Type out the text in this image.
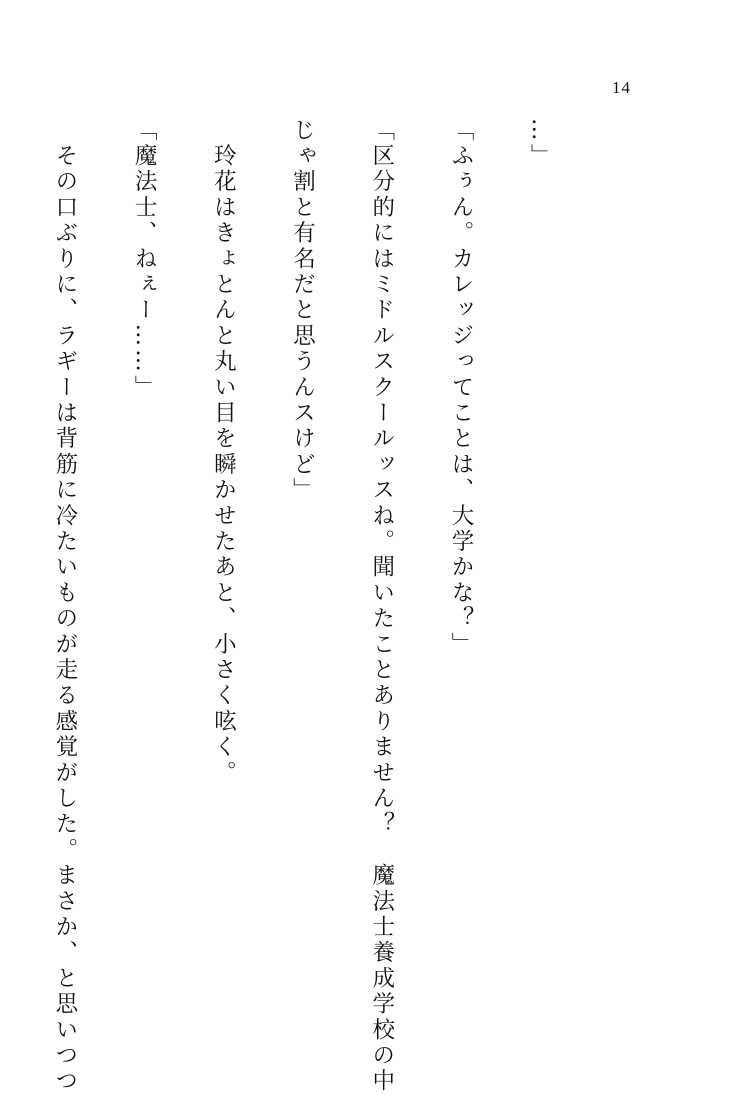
14

…」

「ふぅん。カレッジってことは、大学かな？」

「区分的にはミドルスクールッスね。聞いたことありません？　魔法士養成学校の中

じゃ割と有名だと思うんスけど」

　玲花はきょとんと丸い目を瞬かせたあと、小さく呟く。

「魔法士、ねぇー……」

　その口ぶりに、ラギーは背筋に冷たいものが走る感覚がした。まさか、と思いつつ
